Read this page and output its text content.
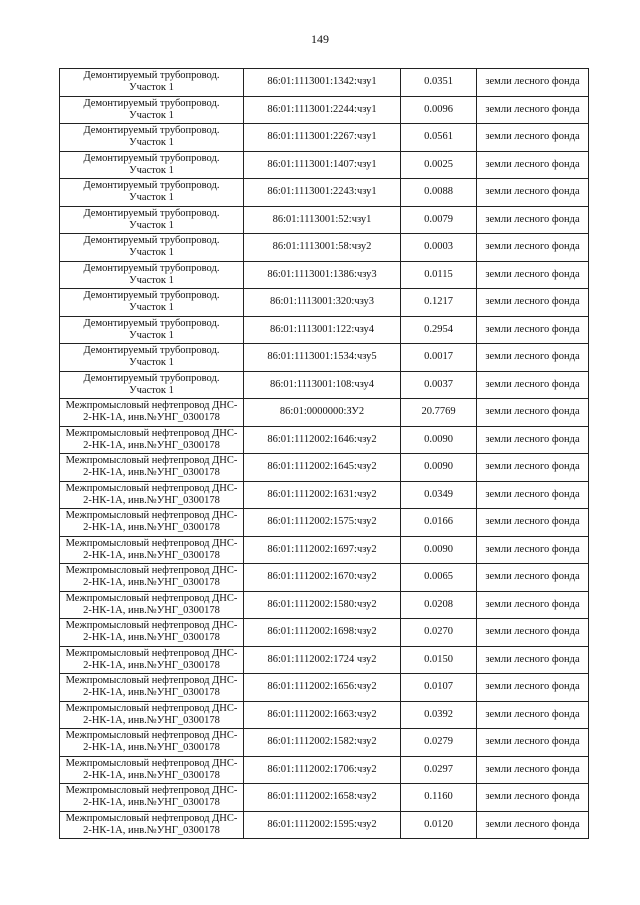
149
Демонтируемый трубопровод.
Участок 1	86:01:1113001:1342:чзу1	0.0351	земли лесного фонда

Демонтируемый трубопровод.
Участок 1	86:01:1113001:2244:чзу1	0.0096	земли лесного фонда

Демонтируемый трубопровод.
Участок 1	86:01:1113001:2267:чзу1	0.0561	земли лесного фонда

Демонтируемый трубопровод.
Участок 1	86:01:1113001:1407:чзу1	0.0025	земли лесного фонда

Демонтируемый трубопровод.
Участок 1	86:01:1113001:2243:чзу1	0.0088	земли лесного фонда

Демонтируемый трубопровод.
Участок 1	86:01:1113001:52:чзу1	0.0079	земли лесного фонда

Демонтируемый трубопровод.
Участок 1	86:01:1113001:58:чзу2	0.0003	земли лесного фонда

Демонтируемый трубопровод.
Участок 1	86:01:1113001:1386:чзу3	0.0115	земли лесного фонда

Демонтируемый трубопровод.
Участок 1	86:01:1113001:320:чзу3	0.1217	земли лесного фонда

Демонтируемый трубопровод.
Участок 1	86:01:1113001:122:чзу4	0.2954	земли лесного фонда

Демонтируемый трубопровод.
Участок 1	86:01:1113001:1534:чзу5	0.0017	земли лесного фонда

Демонтируемый трубопровод.
Участок 1	86:01:1113001:108:чзу4	0.0037	земли лесного фонда

Межпромысловый нефтепровод ДНС-
2-НК-1А, инв.№УНГ_0300178	86:01:0000000:ЗУ2	20.7769	земли лесного фонда

Межпромысловый нефтепровод ДНС-
2-НК-1А, инв.№УНГ_0300178	86:01:1112002:1646:чзу2	0.0090	земли лесного фонда

Межпромысловый нефтепровод ДНС-
2-НК-1А, инв.№УНГ_0300178	86:01:1112002:1645:чзу2	0.0090	земли лесного фонда

Межпромысловый нефтепровод ДНС-
2-НК-1А, инв.№УНГ_0300178	86:01:1112002:1631:чзу2	0.0349	земли лесного фонда

Межпромысловый нефтепровод ДНС-
2-НК-1А, инв.№УНГ_0300178	86:01:1112002:1575:чзу2	0.0166	земли лесного фонда

Межпромысловый нефтепровод ДНС-
2-НК-1А, инв.№УНГ_0300178	86:01:1112002:1697:чзу2	0.0090	земли лесного фонда

Межпромысловый нефтепровод ДНС-
2-НК-1А, инв.№УНГ_0300178	86:01:1112002:1670:чзу2	0.0065	земли лесного фонда

Межпромысловый нефтепровод ДНС-
2-НК-1А, инв.№УНГ_0300178	86:01:1112002:1580:чзу2	0.0208	земли лесного фонда

Межпромысловый нефтепровод ДНС-
2-НК-1А, инв.№УНГ_0300178	86:01:1112002:1698:чзу2	0.0270	земли лесного фонда

Межпромысловый нефтепровод ДНС-
2-НК-1А, инв.№УНГ_0300178	86:01:1112002:1724 чзу2	0.0150	земли лесного фонда

Межпромысловый нефтепровод ДНС-
2-НК-1А, инв.№УНГ_0300178	86:01:1112002:1656:чзу2	0.0107	земли лесного фонда

Межпромысловый нефтепровод ДНС-
2-НК-1А, инв.№УНГ_0300178	86:01:1112002:1663:чзу2	0.0392	земли лесного фонда

Межпромысловый нефтепровод ДНС-
2-НК-1А, инв.№УНГ_0300178	86:01:1112002:1582:чзу2	0.0279	земли лесного фонда

Межпромысловый нефтепровод ДНС-
2-НК-1А, инв.№УНГ_0300178	86:01:1112002:1706:чзу2	0.0297	земли лесного фонда

Межпромысловый нефтепровод ДНС-
2-НК-1А, инв.№УНГ_0300178	86:01:1112002:1658:чзу2	0.1160	земли лесного фонда

Межпромысловый нефтепровод ДНС-
2-НК-1А, инв.№УНГ_0300178	86:01:1112002:1595:чзу2	0.0120	земли лесного фонда
